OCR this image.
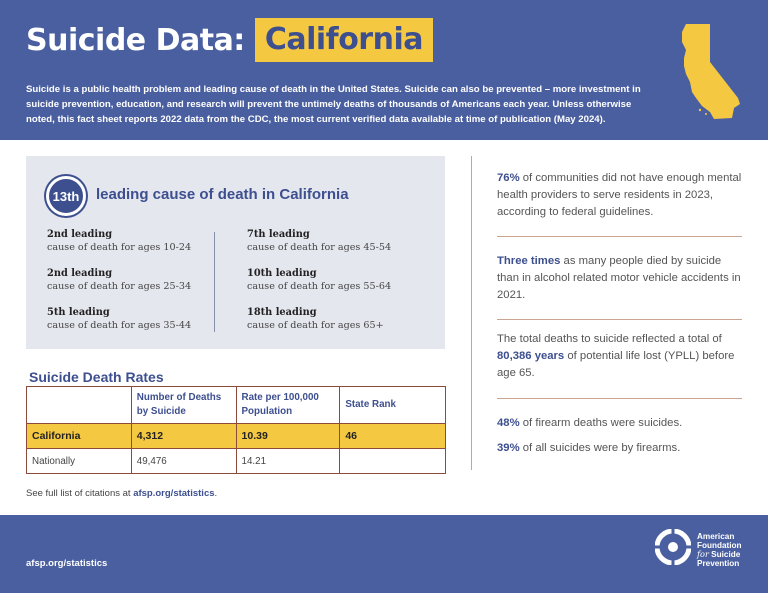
Suicide Data: California

Suicide is a public health problem and leading cause of death in the United States. Suicide can also be prevented – more investment in suicide prevention, education, and research will prevent the untimely deaths of thousands of Americans each year. Unless otherwise noted, this fact sheet reports 2022 data from the CDC, the most current verified data available at time of publication (May 2024).

13th	leading cause of death in California
2nd leading
cause of death for ages 10-24
2nd leading
cause of death for ages 25-34
5th leading
cause of death for ages 35-44
7th leading
cause of death for ages 45-54
10th leading
cause of death for ages 55-64
18th leading
cause of death for ages 65+
Suicide Death Rates
	Number of Deaths by Suicide	Rate per 100,000 Population	State Rank
California	4,312	10.39	46
Nationally	49,476	14.21	
See full list of citations at afsp.org/statistics.

76% of communities did not have enough mental health providers to serve residents in 2023, according to federal guidelines.

Three times as many people died by suicide than in alcohol related motor vehicle accidents in 2021.

The total deaths to suicide reflected a total of 80,386 years of potential life lost (YPLL) before age 65.

48% of firearm deaths were suicides.

39% of all suicides were by firearms.

afsp.org/statistics
American
Foundation
for Suicide
Prevention
